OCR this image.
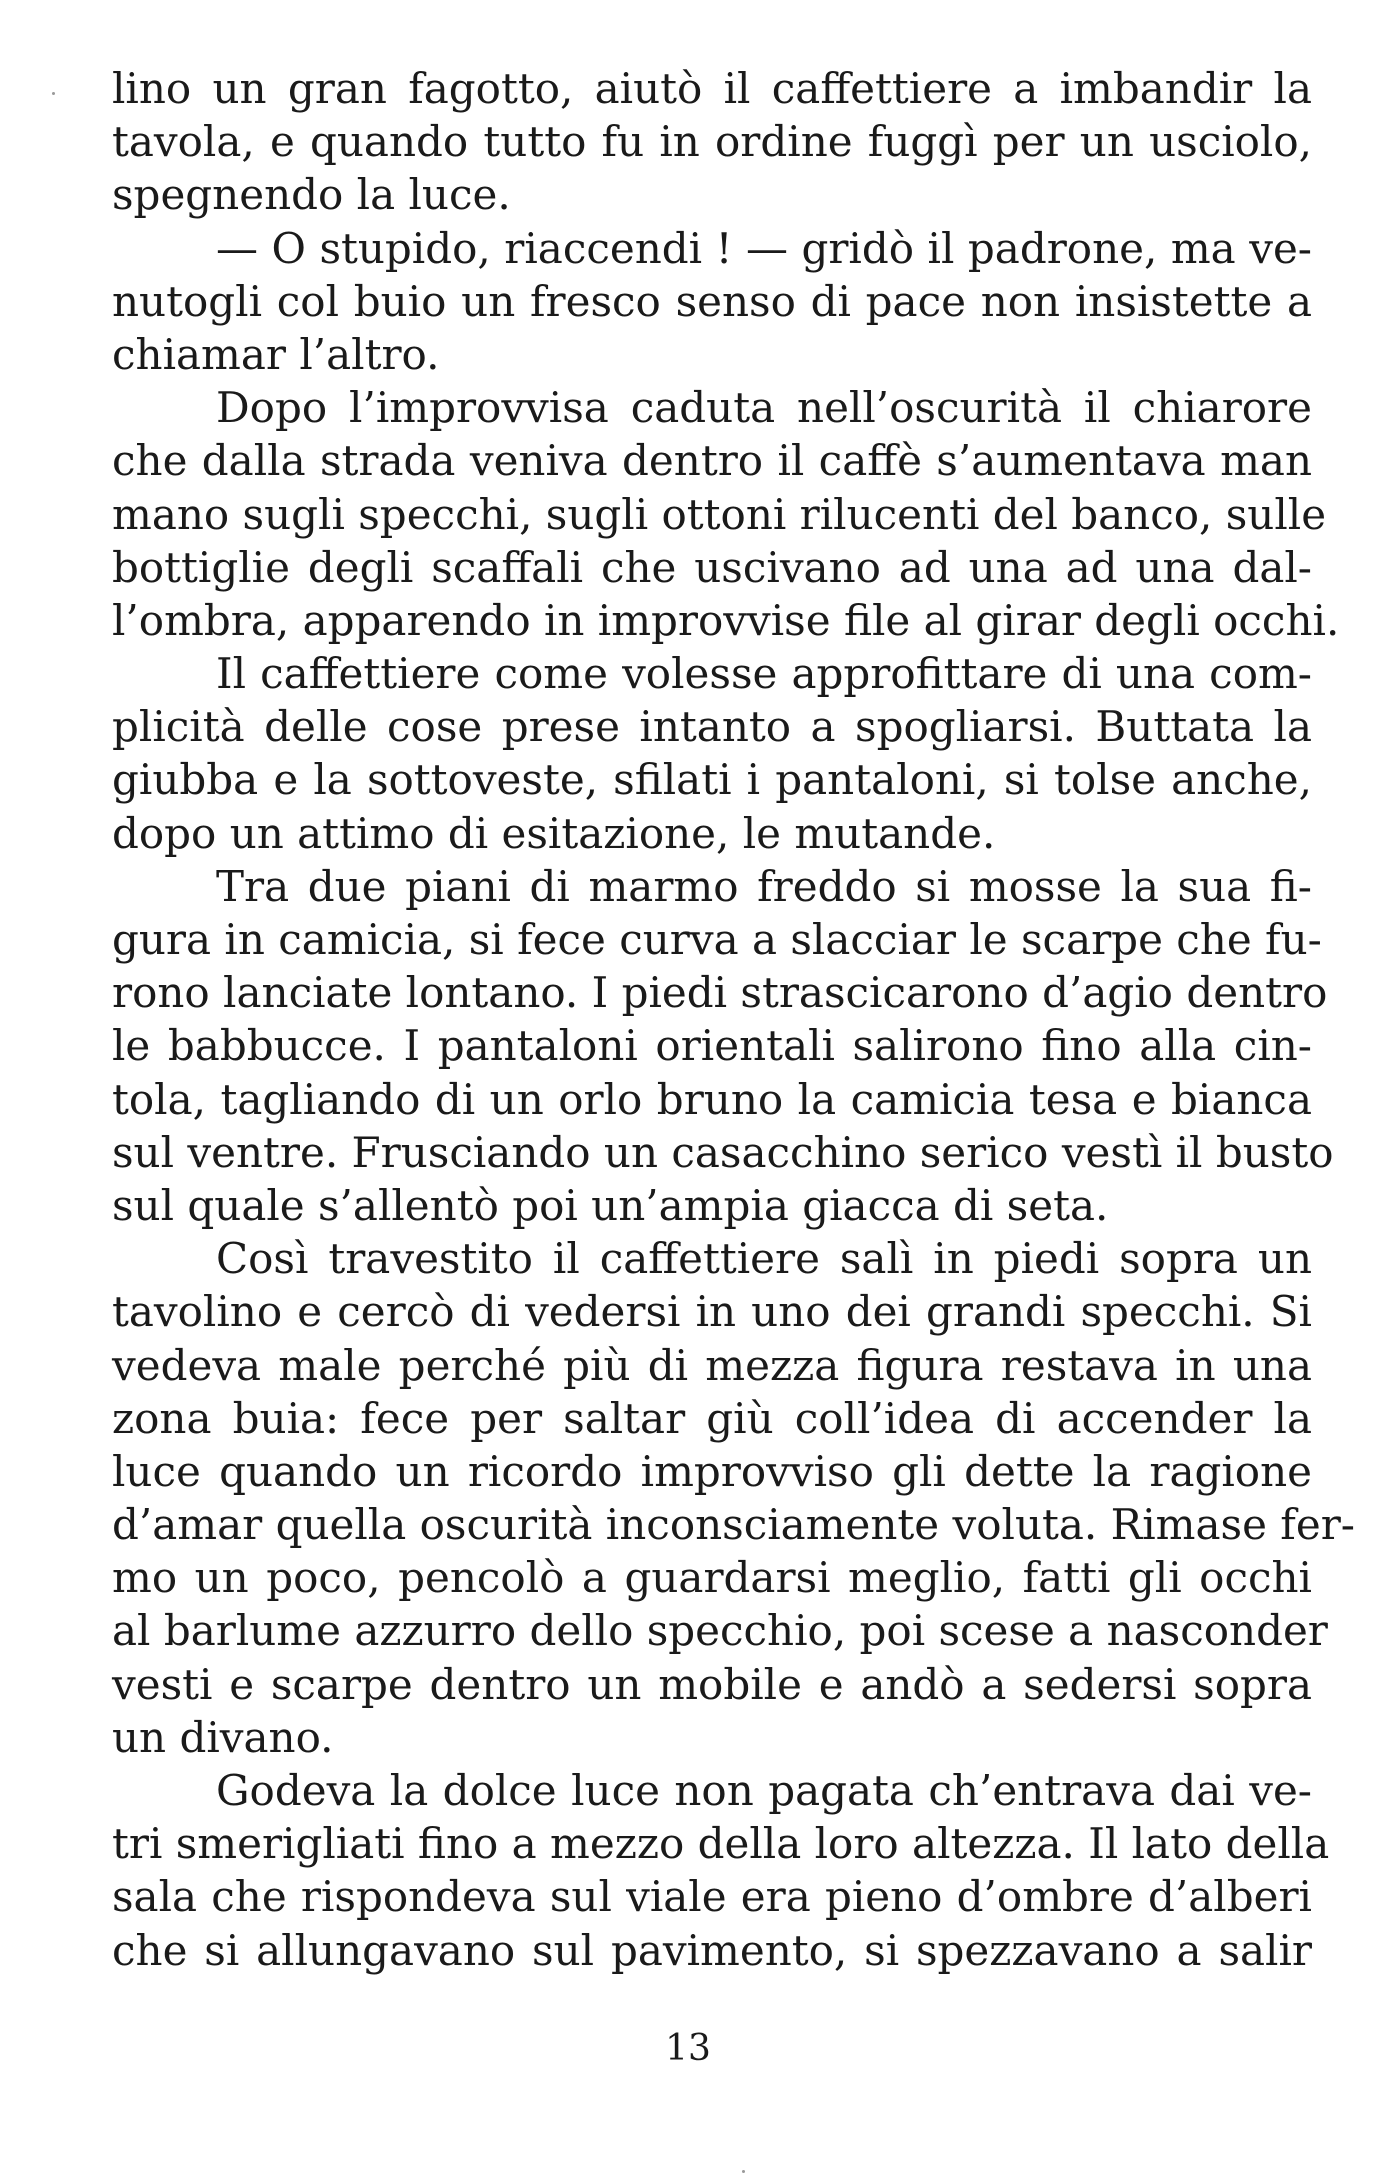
lino un gran fagotto, aiutò il caffettiere a imbandir la
tavola, e quando tutto fu in ordine fuggì per un usciolo,
spegnendo la luce.
— O stupido, riaccendi ! — gridò il padrone, ma ve-
nutogli col buio un fresco senso di pace non insistette a
chiamar l’altro.
Dopo l’improvvisa caduta nell’oscurità il chiarore
che dalla strada veniva dentro il caffè s’aumentava man
mano sugli specchi, sugli ottoni rilucenti del banco, sulle
bottiglie degli scaffali che uscivano ad una ad una dal-
l’ombra, apparendo in improvvise file al girar degli occhi.
Il caffettiere come volesse approfittare di una com-
plicità delle cose prese intanto a spogliarsi. Buttata la
giubba e la sottoveste, sfilati i pantaloni, si tolse anche,
dopo un attimo di esitazione, le mutande.
Tra due piani di marmo freddo si mosse la sua fi-
gura in camicia, si fece curva a slacciar le scarpe che fu-
rono lanciate lontano. I piedi strascicarono d’agio dentro
le babbucce. I pantaloni orientali salirono fino alla cin-
tola, tagliando di un orlo bruno la camicia tesa e bianca
sul ventre. Frusciando un casacchino serico vestì il busto
sul quale s’allentò poi un’ampia giacca di seta.
Così travestito il caffettiere salì in piedi sopra un
tavolino e cercò di vedersi in uno dei grandi specchi. Si
vedeva male perché più di mezza figura restava in una
zona buia: fece per saltar giù coll’idea di accender la
luce quando un ricordo improvviso gli dette la ragione
d’amar quella oscurità inconsciamente voluta. Rimase fer-
mo un poco, pencolò a guardarsi meglio, fatti gli occhi
al barlume azzurro dello specchio, poi scese a nasconder
vesti e scarpe dentro un mobile e andò a sedersi sopra
un divano.
Godeva la dolce luce non pagata ch’entrava dai ve-
tri smerigliati fino a mezzo della loro altezza. Il lato della
sala che rispondeva sul viale era pieno d’ombre d’alberi
che si allungavano sul pavimento, si spezzavano a salir
13
